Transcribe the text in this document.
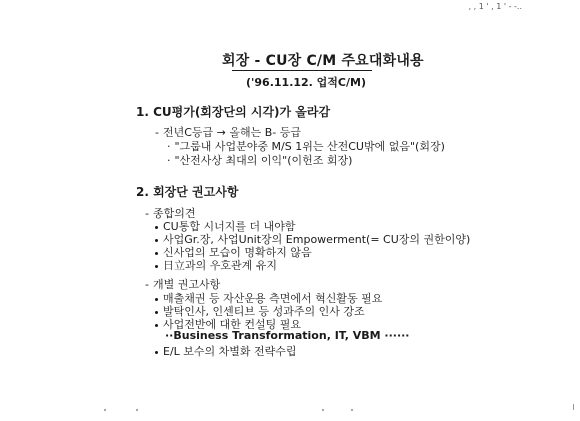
, , 1 ' , 1 ' - -..
회장 - CU장 C/M 주요대화내용
('96.11.12. 업적C/M)
1. CU평가(회장단의 시각)가 올라감
- 전년C등급 → 올해는 B- 등급
· "그룹내 사업분야중 M/S 1위는 산전CU밖에 없음"(회장)
· "산전사상 최대의 이익"(이헌조 회장)
2. 회장단 권고사항
- 종합의견
CU통합 시너지를 더 내야함
사업Gr.장, 사업Unit장의 Empowerment(= CU장의 권한이양)
신사업의 모습이 명확하지 않음
日立과의 우호관계 유지
- 개별 권고사항
매출채권 등 자산운용 측면에서 혁신활동 필요
발탁인사, 인센티브 등 성과주의 인사 강조
사업전반에 대한 컨설팅 필요
··Business Transformation, IT, VBM ······
E/L 보수의 차별화 전략수립
